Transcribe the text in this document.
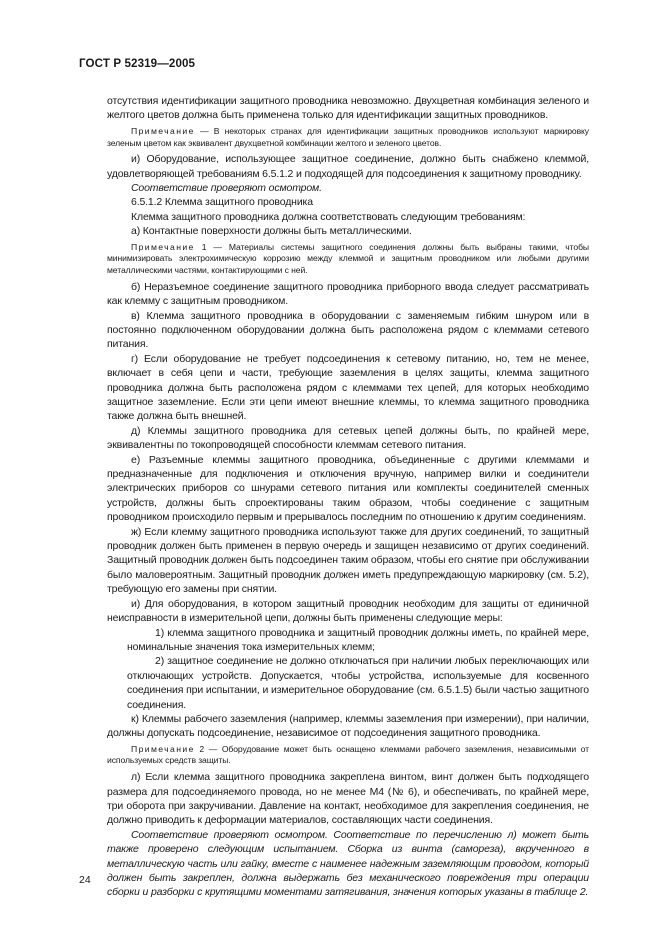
ГОСТ Р 52319—2005
отсутствия идентификации защитного проводника невозможно. Двухцветная комбинация зеленого и желтого цветов должна быть применена только для идентификации защитных проводников.
Примечание — В некоторых странах для идентификации защитных проводников используют маркировку зеленым цветом как эквивалент двухцветной комбинации желтого и зеленого цветов.
и) Оборудование, использующее защитное соединение, должно быть снабжено клеммой, удовлетворяющей требованиям 6.5.1.2 и подходящей для подсоединения к защитному проводнику.
Соответствие проверяют осмотром.
6.5.1.2 Клемма защитного проводника
Клемма защитного проводника должна соответствовать следующим требованиям:
а) Контактные поверхности должны быть металлическими.
Примечание 1 — Материалы системы защитного соединения должны быть выбраны такими, чтобы минимизировать электрохимическую коррозию между клеммой и защитным проводником или любыми другими металлическими частями, контактирующими с ней.
б) Неразъемное соединение защитного проводника приборного ввода следует рассматривать как клемму с защитным проводником.
в) Клемма защитного проводника в оборудовании с заменяемым гибким шнуром или в постоянно подключенном оборудовании должна быть расположена рядом с клеммами сетевого питания.
г) Если оборудование не требует подсоединения к сетевому питанию, но, тем не менее, включает в себя цепи и части, требующие заземления в целях защиты, клемма защитного проводника должна быть расположена рядом с клеммами тех цепей, для которых необходимо защитное заземление. Если эти цепи имеют внешние клеммы, то клемма защитного проводника также должна быть внешней.
д) Клеммы защитного проводника для сетевых цепей должны быть, по крайней мере, эквивалентны по токопроводящей способности клеммам сетевого питания.
е) Разъемные клеммы защитного проводника, объединенные с другими клеммами и предназначенные для подключения и отключения вручную, например вилки и соединители электрических приборов со шнурами сетевого питания или комплекты соединителей сменных устройств, должны быть спроектированы таким образом, чтобы соединение с защитным проводником происходило первым и прерывалось последним по отношению к другим соединениям.
ж) Если клемму защитного проводника используют также для других соединений, то защитный проводник должен быть применен в первую очередь и защищен независимо от других соединений. Защитный проводник должен быть подсоединен таким образом, чтобы его снятие при обслуживании было маловероятным. Защитный проводник должен иметь предупреждающую маркировку (см. 5.2), требующую его замены при снятии.
и) Для оборудования, в котором защитный проводник необходим для защиты от единичной неисправности в измерительной цепи, должны быть применены следующие меры:
1) клемма защитного проводника и защитный проводник должны иметь, по крайней мере, номинальные значения тока измерительных клемм;
2) защитное соединение не должно отключаться при наличии любых переключающих или отключающих устройств. Допускается, чтобы устройства, используемые для косвенного соединения при испытании, и измерительное оборудование (см. 6.5.1.5) были частью защитного соединения.
к) Клеммы рабочего заземления (например, клеммы заземления при измерении), при наличии, должны допускать подсоединение, независимое от подсоединения защитного проводника.
Примечание 2 — Оборудование может быть оснащено клеммами рабочего заземления, независимыми от используемых средств защиты.
л) Если клемма защитного проводника закреплена винтом, винт должен быть подходящего размера для подсоединяемого провода, но не менее М4 (№ 6), и обеспечивать, по крайней мере, три оборота при закручивании. Давление на контакт, необходимое для закрепления соединения, не должно приводить к деформации материалов, составляющих части соединения.
Соответствие проверяют осмотром. Соответствие по перечислению л) может быть также проверено следующим испытанием. Сборка из винта (самореза), вкрученного в металлическую часть или гайку, вместе с наименее надежным заземляющим проводом, который должен быть закреплен, должна выдержать без механического повреждения три операции сборки и разборки с крутящими моментами затягивания, значения которых указаны в таблице 2.
24
